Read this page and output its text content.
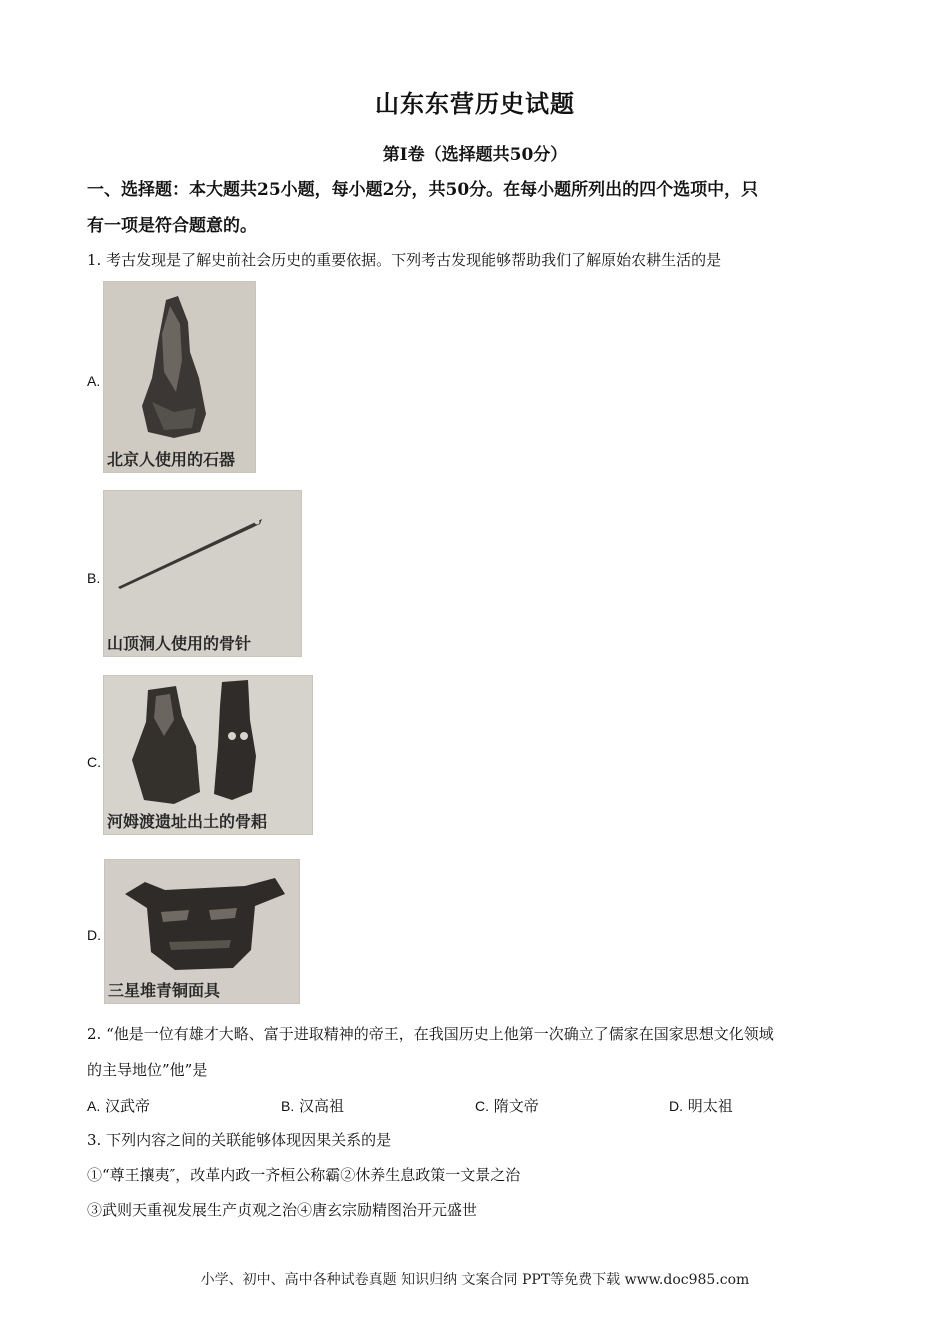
山东东营历史试题
第Ⅰ卷（选择题共50分）
一、选择题：本大题共25小题，每小题2分，共50分。在每小题所列出的四个选项中，只
有一项是符合题意的。
1. 考古发现是了解史前社会历史的重要依据。下列考古发现能够帮助我们了解原始农耕生活的是
A.
北京人使用的石器
B.
山顶洞人使用的骨针
C.
河姆渡遗址出土的骨耜
D.
三星堆青铜面具
2. “他是一位有雄才大略、富于进取精神的帝王，在我国历史上他第一次确立了儒家在国家思想文化领域
的主导地位”他”是
A. 汉武帝	B. 汉高祖	C. 隋文帝	D. 明太祖
3. 下列内容之间的关联能够体现因果关系的是
①“尊王攘夷″，改革内政一齐桓公称霸②休养生息政策一文景之治
③武则天重视发展生产贞观之治④唐玄宗励精图治开元盛世
小学、初中、高中各种试卷真题 知识归纳 文案合同 PPT等免费下载 www.doc985.com
